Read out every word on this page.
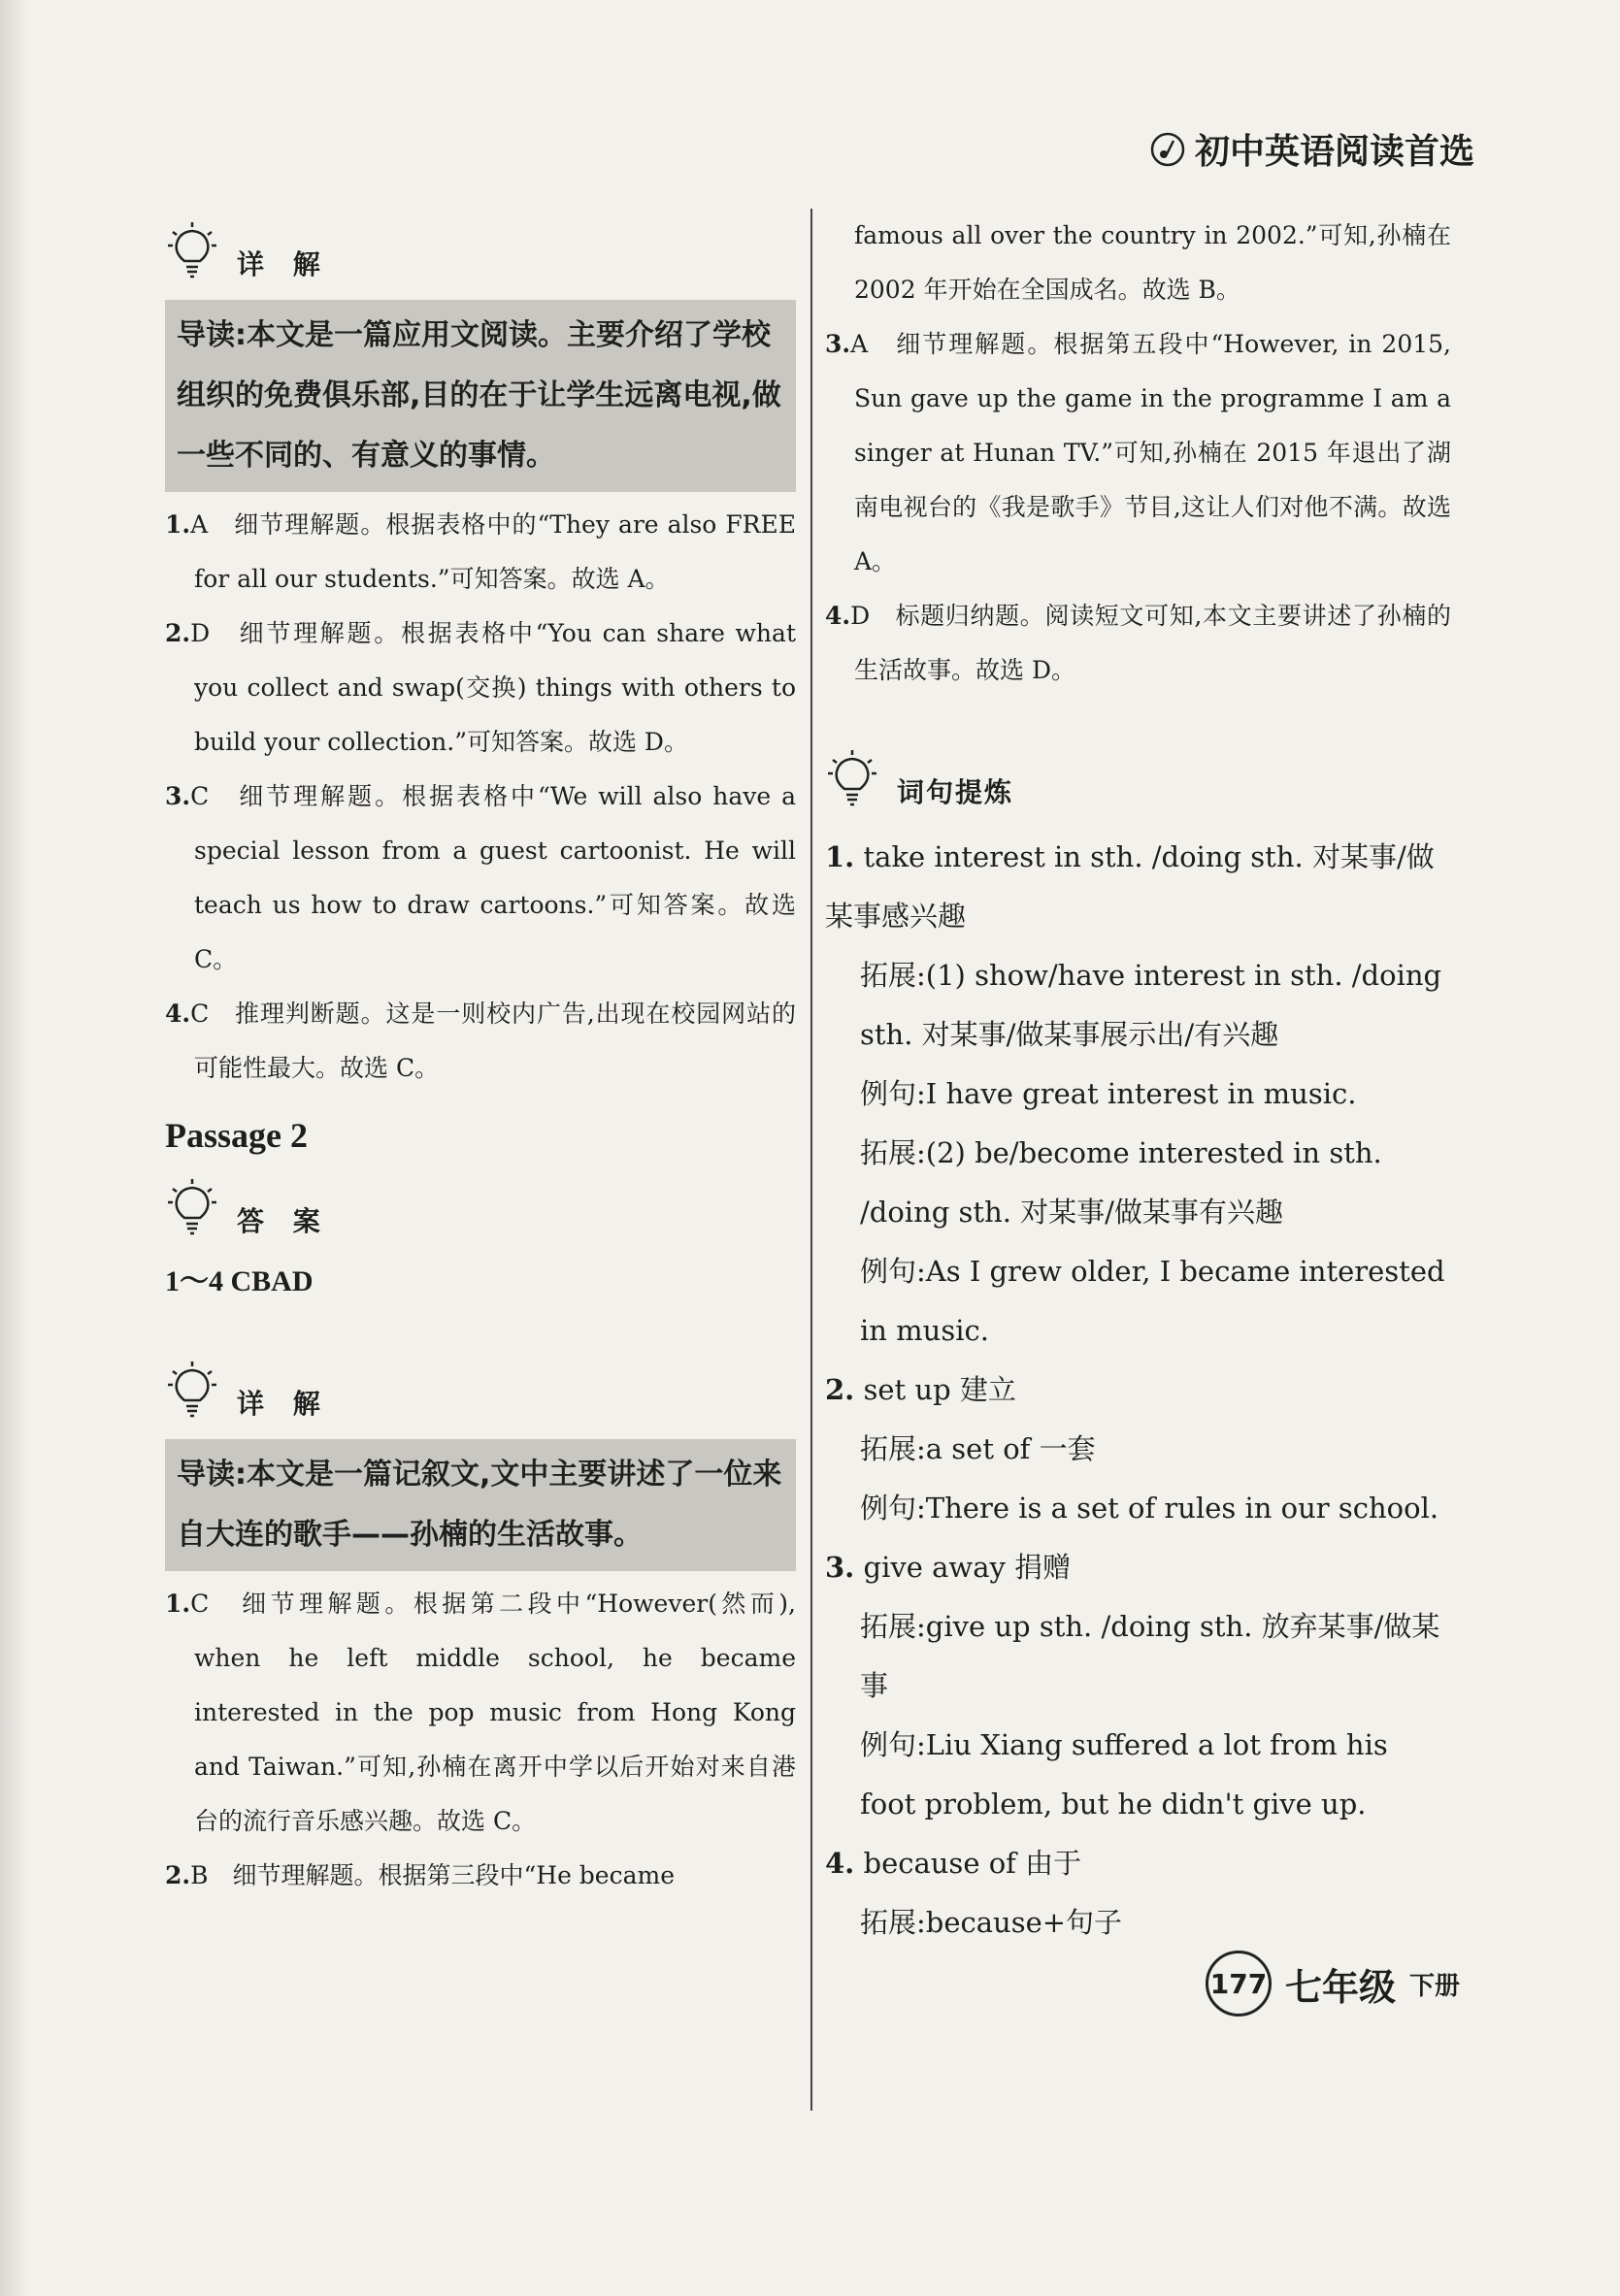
初中英语阅读首选
详 解
导读:本文是一篇应用文阅读。主要介绍了学校组织的免费俱乐部,目的在于让学生远离电视,做一些不同的、有意义的事情。
1.A　细节理解题。根据表格中的“They are also FREE for all our students.”可知答案。故选 A。
2.D　细节理解题。根据表格中“You can share what you collect and swap(交换) things with others to build your collection.”可知答案。故选 D。
3.C　细节理解题。根据表格中“We will also have a special lesson from a guest cartoonist. He will teach us how to draw cartoons.”可知答案。故选 C。
4.C　推理判断题。这是一则校内广告,出现在校园网站的可能性最大。故选 C。
Passage 2
答 案
1～4 CBAD
详 解
导读:本文是一篇记叙文,文中主要讲述了一位来自大连的歌手——孙楠的生活故事。
1.C　细节理解题。根据第二段中“However(然而), when he left middle school, he became interested in the pop music from Hong Kong and Taiwan.”可知,孙楠在离开中学以后开始对来自港台的流行音乐感兴趣。故选 C。
2.B　细节理解题。根据第三段中“He became
famous all over the country in 2002.”可知,孙楠在 2002 年开始在全国成名。故选 B。
3.A　细节理解题。根据第五段中“However, in 2015, Sun gave up the game in the programme I am a singer at Hunan TV.”可知,孙楠在 2015 年退出了湖南电视台的《我是歌手》节目,这让人们对他不满。故选 A。
4.D　标题归纳题。阅读短文可知,本文主要讲述了孙楠的生活故事。故选 D。
词句提炼
1. take interest in sth. /doing sth. 对某事/做某事感兴趣
拓展:(1) show/have interest in sth. /doing sth. 对某事/做某事展示出/有兴趣
例句:I have great interest in music.
拓展:(2) be/become interested in sth. /doing sth. 对某事/做某事有兴趣
例句:As I grew older, I became interested in music.
2. set up 建立
拓展:a set of 一套
例句:There is a set of rules in our school.
3. give away 捐赠
拓展:give up sth. /doing sth. 放弃某事/做某事
例句:Liu Xiang suffered a lot from his foot problem, but he didn't give up.
4. because of 由于
拓展:because+句子
177 七年级 下册
